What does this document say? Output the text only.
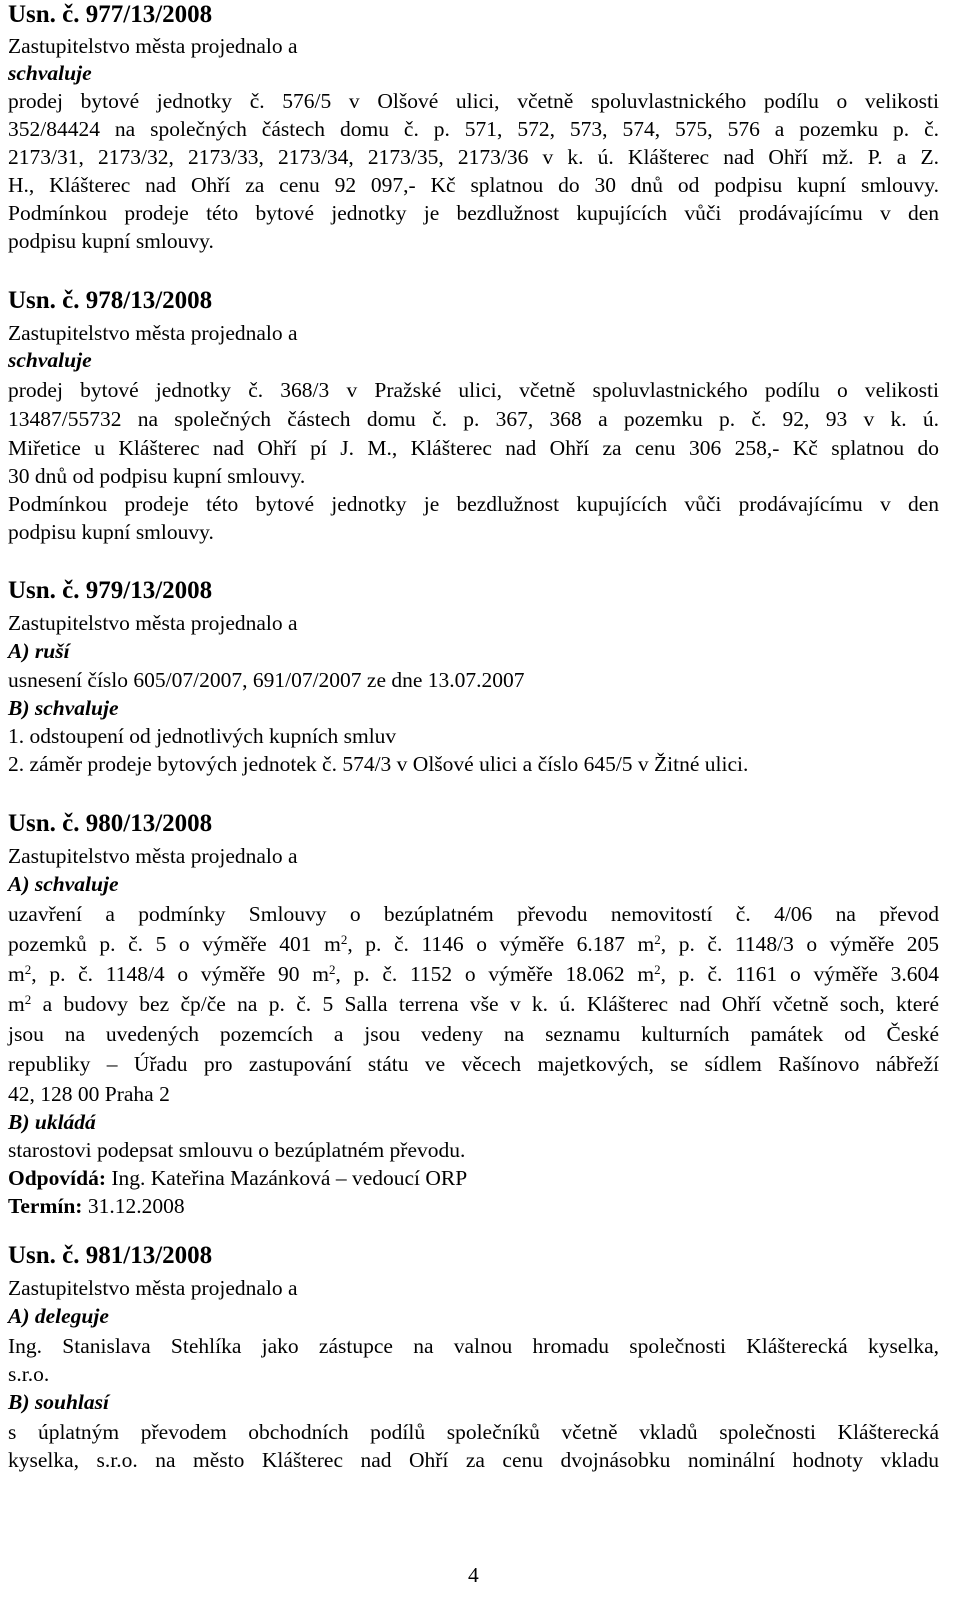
Usn. č. 977/13/2008
Zastupitelstvo města projednalo a
schvaluje
prodej bytové jednotky č. 576/5 v Olšové ulici, včetně spoluvlastnického podílu o velikosti
352/84424 na společných částech domu č. p. 571, 572, 573, 574, 575, 576 a pozemku p. č.
2173/31, 2173/32, 2173/33, 2173/34, 2173/35, 2173/36 v k. ú. Klášterec nad Ohří mž. P. a Z.
H., Klášterec nad Ohří za cenu 92 097,- Kč splatnou do 30 dnů od podpisu kupní smlouvy.
Podmínkou prodeje této bytové jednotky je bezdlužnost kupujících vůči prodávajícímu v den
podpisu kupní smlouvy.
Usn. č. 978/13/2008
Zastupitelstvo města projednalo a
schvaluje
prodej bytové jednotky č. 368/3 v Pražské ulici, včetně spoluvlastnického podílu o velikosti
13487/55732 na společných částech domu č. p. 367, 368 a pozemku p. č. 92, 93 v k. ú.
Miřetice u Klášterec nad Ohří pí J. M., Klášterec nad Ohří za cenu 306 258,- Kč splatnou do
30 dnů od podpisu kupní smlouvy.
Podmínkou prodeje této bytové jednotky je bezdlužnost kupujících vůči prodávajícímu v den
podpisu kupní smlouvy.
Usn. č. 979/13/2008
Zastupitelstvo města projednalo a
A) ruší
usnesení číslo 605/07/2007, 691/07/2007 ze dne 13.07.2007
B) schvaluje
1. odstoupení od jednotlivých kupních smluv
2. záměr prodeje bytových jednotek č. 574/3 v Olšové ulici a číslo 645/5 v Žitné ulici.
Usn. č. 980/13/2008
Zastupitelstvo města projednalo a
A) schvaluje
uzavření a podmínky Smlouvy o bezúplatném převodu nemovitostí č. 4/06 na převod
pozemků p. č. 5 o výměře 401 $m^2$, p. č. 1146 o výměře 6.187 $m^2$, p. č. 1148/3 o výměře 205
$m^2$, p. č. 1148/4 o výměře 90 $m^2$, p. č. 1152 o výměře 18.062 $m^2$, p. č. 1161 o výměře 3.604
$m^2$ a budovy bez čp/če na p. č. 5 Salla terrena vše v k. ú. Klášterec nad Ohří včetně soch, které
jsou na uvedených pozemcích a jsou vedeny na seznamu kulturních památek od České
republiky – Úřadu pro zastupování státu ve věcech majetkových, se sídlem Rašínovo nábřeží
42, 128 00 Praha 2
B) ukládá
starostovi podepsat smlouvu o bezúplatném převodu.
Odpovídá: Ing. Kateřina Mazánková – vedoucí ORP
Termín: 31.12.2008
Usn. č. 981/13/2008
Zastupitelstvo města projednalo a
A) deleguje
Ing. Stanislava Stehlíka jako zástupce na valnou hromadu společnosti Klášterecká kyselka,
s.r.o.
B) souhlasí
s úplatným převodem obchodních podílů společníků včetně vkladů společnosti Klášterecká
kyselka, s.r.o. na město Klášterec nad Ohří za cenu dvojnásobku nominální hodnoty vkladu
4
